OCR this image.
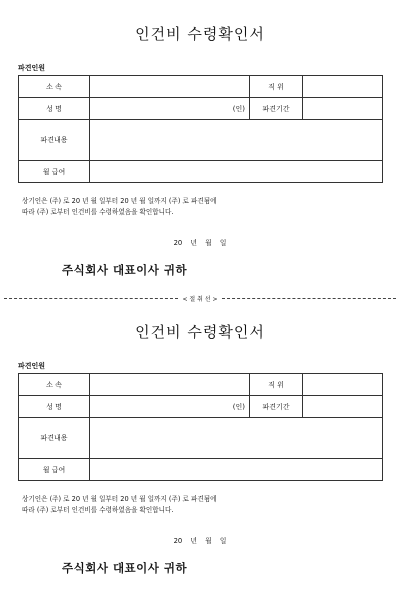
인건비 수령확인서
파견인원
소 속		직 위	
성 명	(인)	파견기간	
파견내용			
월 급여			
상기인은 (주) 로 20 년 월 일부터 20 년 월 일까지 (주) 로 파견됨에
따라 (주) 로부터 인건비를 수령하였음을 확인합니다.
20 년 월 일
주식회사 대표이사 귀하
< 절 취 선 >
인건비 수령확인서
파견인원
소 속		직 위	
성 명	(인)	파견기간	
파견내용			
월 급여			
상기인은 (주) 로 20 년 월 일부터 20 년 월 일까지 (주) 로 파견됨에
따라 (주) 로부터 인건비를 수령하였음을 확인합니다.
20 년 월 일
주식회사 대표이사 귀하
